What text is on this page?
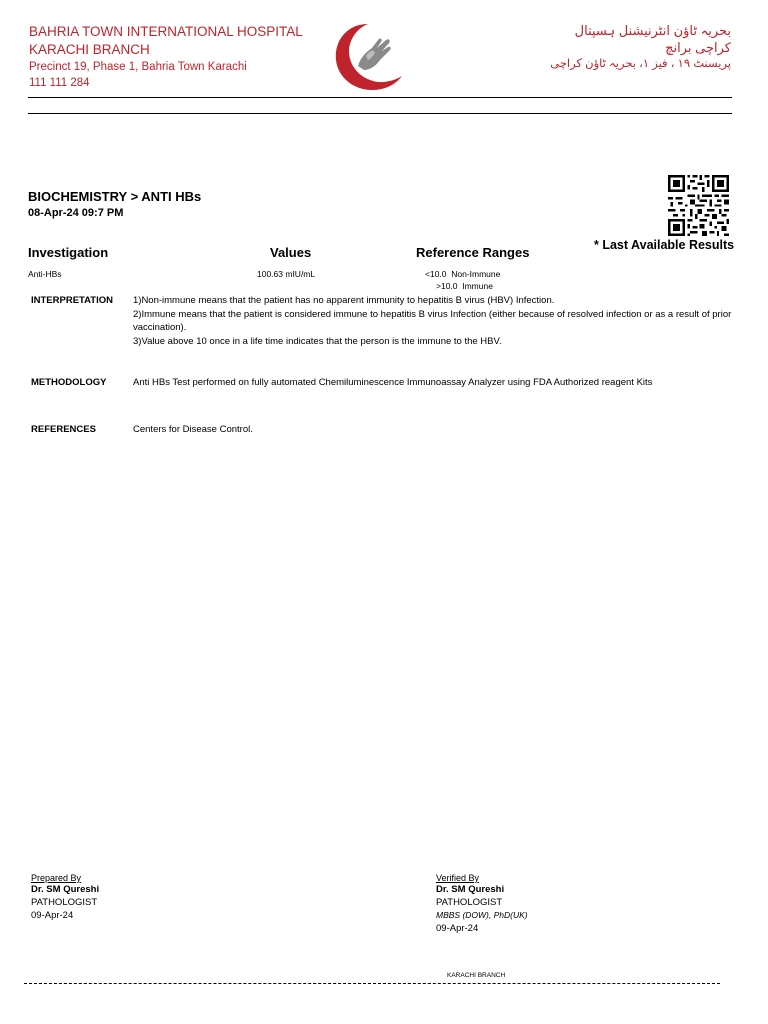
BAHRIA TOWN INTERNATIONAL HOSPITAL
KARACHI BRANCH
Precinct 19, Phase 1, Bahria Town Karachi
111 111 284
بحریہ ٹاؤن انٹرنیشنل ہسپتال
کراچی برانچ
پریسنٹ ۱۹ ، فیز ۱، بحریہ ٹاؤن کراچی
BIOCHEMISTRY > ANTI HBs
08-Apr-24 09:7 PM
* Last Available Results
Investigation	Values	Reference Ranges
Anti-HBs	100.63 mIU/mL	<10.0  Non-Immune
>10.0  Immune
INTERPRETATION 1)Non-immune means that the patient has no apparent immunity to hepatitis B virus (HBV) Infection.
2)Immune means that the patient is considered immune to hepatitis B virus Infection (either because of resolved infection or as a result of prior vaccination).
3)Value above 10 once in a life time indicates that the person is the immune to the HBV.
METHODOLOGY	Anti HBs Test performed on fully automated Chemiluminescence Immunoassay Analyzer using FDA Authorized reagent Kits
REFERENCES	Centers for Disease Control.
Prepared By
Dr. SM Qureshi
PATHOLOGIST
09-Apr-24
Verified By
Dr. SM Qureshi
PATHOLOGIST
MBBS (DOW), PhD(UK)
09-Apr-24
KARACHI BRANCH
